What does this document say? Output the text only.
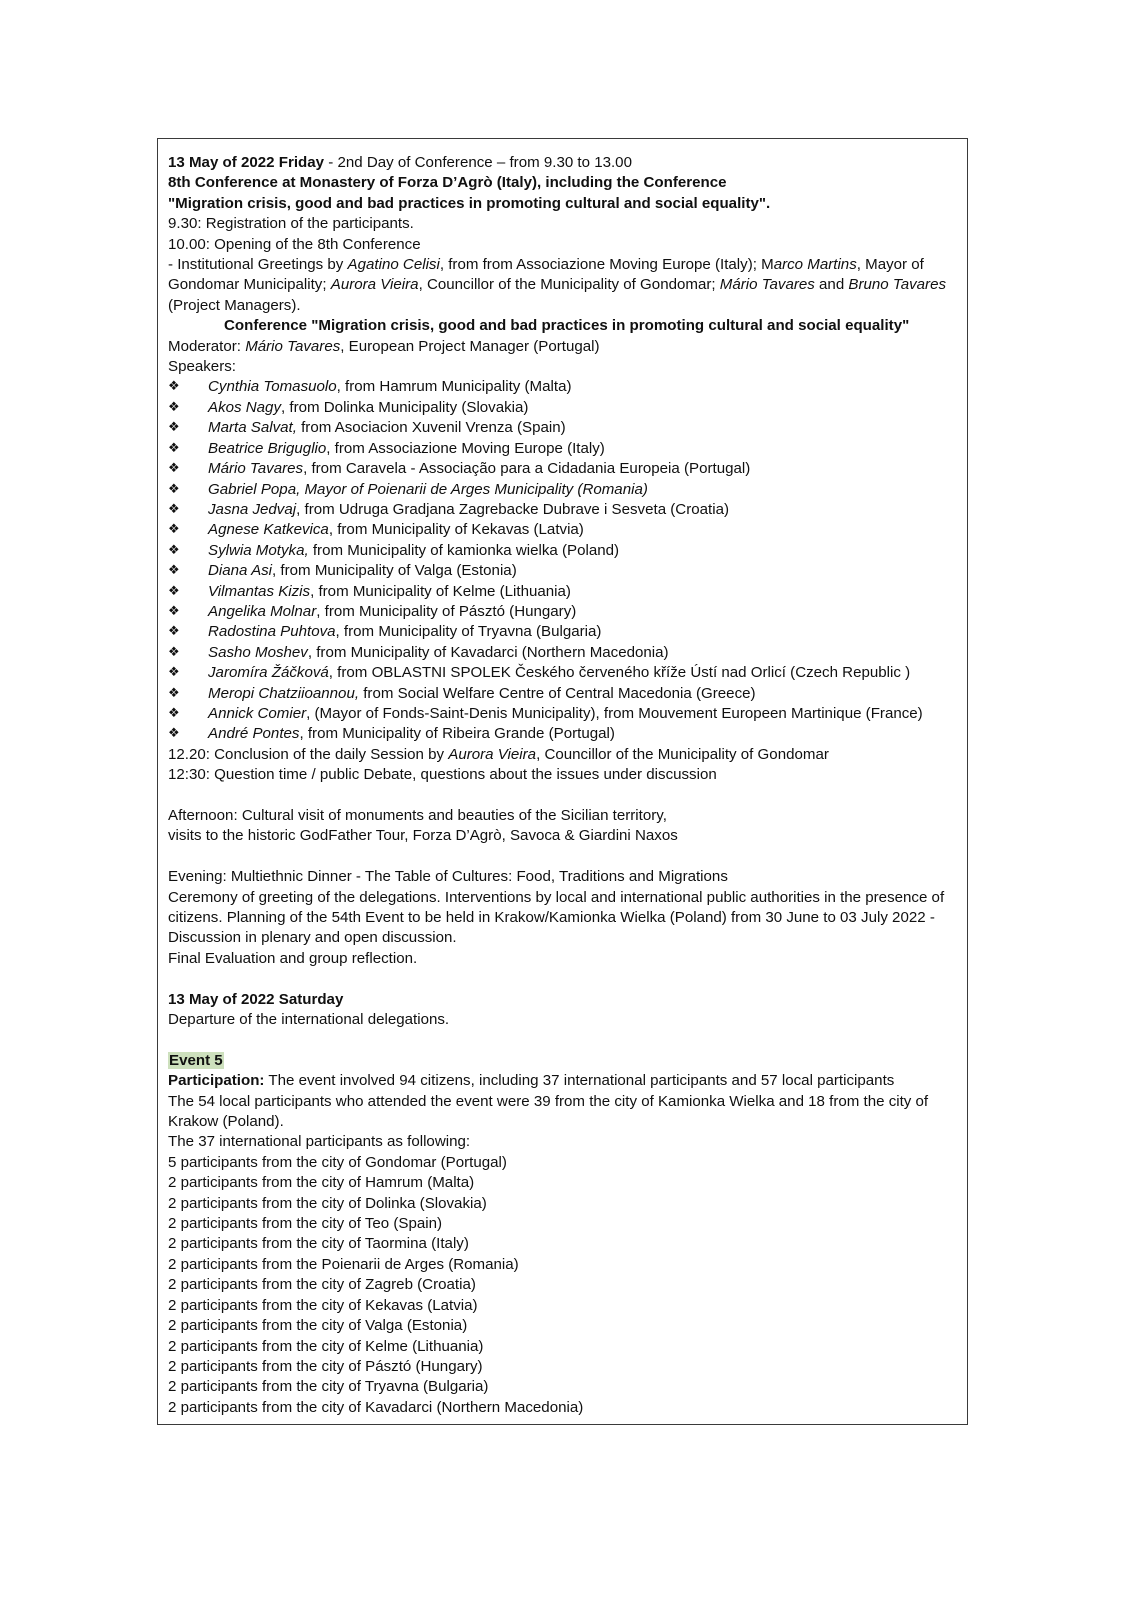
13 May of 2022 Friday - 2nd Day of Conference – from 9.30 to 13.00
8th Conference at Monastery of Forza D’Agrò (Italy), including the Conference
"Migration crisis, good and bad practices in promoting cultural and social equality".
9.30: Registration of the participants.
10.00: Opening of the 8th Conference
- Institutional Greetings by Agatino Celisi, from from Associazione Moving Europe (Italy); Marco Martins, Mayor of Gondomar Municipality; Aurora Vieira, Councillor of the Municipality of Gondomar; Mário Tavares and Bruno Tavares (Project Managers).
Conference "Migration crisis, good and bad practices in promoting cultural and social equality"
Moderator: Mário Tavares, European Project Manager (Portugal)
Speakers:
❖	Cynthia Tomasuolo, from Hamrum Municipality (Malta)
❖	Akos Nagy, from Dolinka Municipality (Slovakia)
❖	Marta Salvat, from Asociacion Xuvenil Vrenza (Spain)
❖	Beatrice Briguglio, from Associazione Moving Europe (Italy)
❖	Mário Tavares, from Caravela - Associação para a Cidadania Europeia (Portugal)
❖	Gabriel Popa, Mayor of Poienarii de Arges Municipality (Romania)
❖	Jasna Jedvaj, from Udruga Gradjana Zagrebacke Dubrave i Sesveta (Croatia)
❖	Agnese Katkevica, from Municipality of Kekavas (Latvia)
❖	Sylwia Motyka, from Municipality of kamionka wielka (Poland)
❖	Diana Asi, from Municipality of Valga (Estonia)
❖	Vilmantas Kizis, from Municipality of Kelme (Lithuania)
❖	Angelika Molnar, from Municipality of Pásztó (Hungary)
❖	Radostina Puhtova, from Municipality of Tryavna (Bulgaria)
❖	Sasho Moshev, from Municipality of Kavadarci (Northern Macedonia)
❖	Jaromíra Žáčková, from OBLASTNI SPOLEK Českého červeného kříže Ústí nad Orlicí (Czech Republic )
❖	Meropi Chatziioannou, from Social Welfare Centre of Central Macedonia (Greece)
❖	Annick Comier, (Mayor of Fonds-Saint-Denis Municipality), from Mouvement Europeen Martinique (France)
❖	André Pontes, from Municipality of Ribeira Grande (Portugal)
12.20: Conclusion of the daily Session by Aurora Vieira, Councillor of the Municipality of Gondomar
12:30: Question time / public Debate, questions about the issues under discussion
Afternoon: Cultural visit of monuments and beauties of the Sicilian territory,
visits to the historic GodFather Tour, Forza D’Agrò, Savoca & Giardini Naxos
Evening: Multiethnic Dinner - The Table of Cultures: Food, Traditions and Migrations
Ceremony of greeting of the delegations. Interventions by local and international public authorities in the presence of citizens. Planning of the 54th Event to be held in Krakow/Kamionka Wielka (Poland) from 30 June to 03 July 2022 - Discussion in plenary and open discussion.
Final Evaluation and group reflection.
13 May of 2022 Saturday
Departure of the international delegations.
Event 5
Participation: The event involved 94 citizens, including 37 international participants and 57 local participants
The 54 local participants who attended the event were 39 from the city of Kamionka Wielka and 18 from the city of Krakow (Poland).
The 37 international participants as following:
5 participants from the city of Gondomar (Portugal)
2 participants from the city of Hamrum (Malta)
2 participants from the city of Dolinka (Slovakia)
2 participants from the city of Teo (Spain)
2 participants from the city of Taormina (Italy)
2 participants from the Poienarii de Arges (Romania)
2 participants from the city of Zagreb (Croatia)
2 participants from the city of Kekavas (Latvia)
2 participants from the city of Valga (Estonia)
2 participants from the city of Kelme (Lithuania)
2 participants from the city of Pásztó (Hungary)
2 participants from the city of Tryavna (Bulgaria)
2 participants from the city of Kavadarci (Northern Macedonia)
